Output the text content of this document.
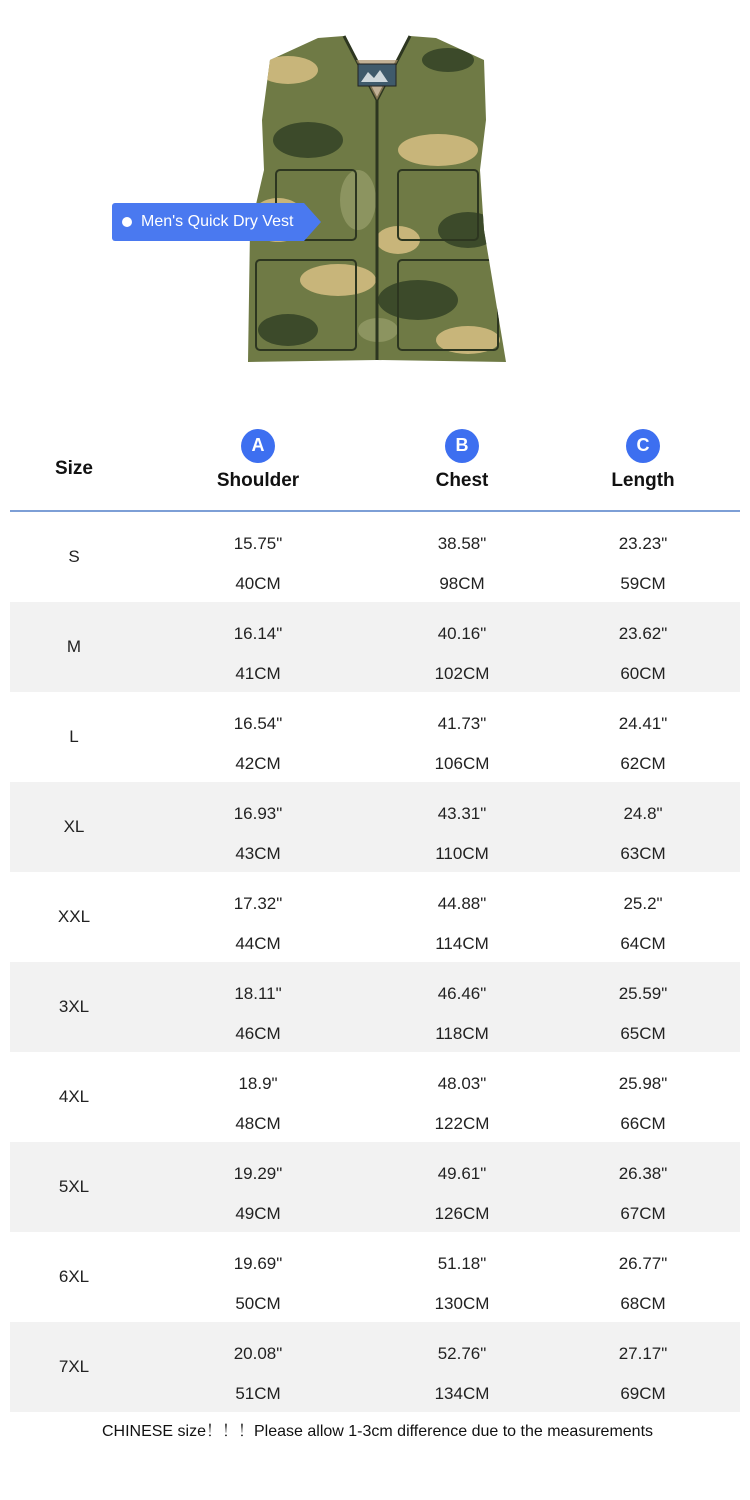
Men's Quick Dry Vest
Size
A
Shoulder
B
Chest
C
Length
S
15.75"
40CM
38.58"
98CM
23.23"
59CM
M
16.14"
41CM
40.16"
102CM
23.62"
60CM
L
16.54"
42CM
41.73"
106CM
24.41"
62CM
XL
16.93"
43CM
43.31"
110CM
24.8"
63CM
XXL
17.32"
44CM
44.88"
114CM
25.2"
64CM
3XL
18.11"
46CM
46.46"
118CM
25.59"
65CM
4XL
18.9"
48CM
48.03"
122CM
25.98"
66CM
5XL
19.29"
49CM
49.61"
126CM
26.38"
67CM
6XL
19.69"
50CM
51.18"
130CM
26.77"
68CM
7XL
20.08"
51CM
52.76"
134CM
27.17"
69CM
CHINESE size！！！Please allow 1-3cm difference due to the measurements
